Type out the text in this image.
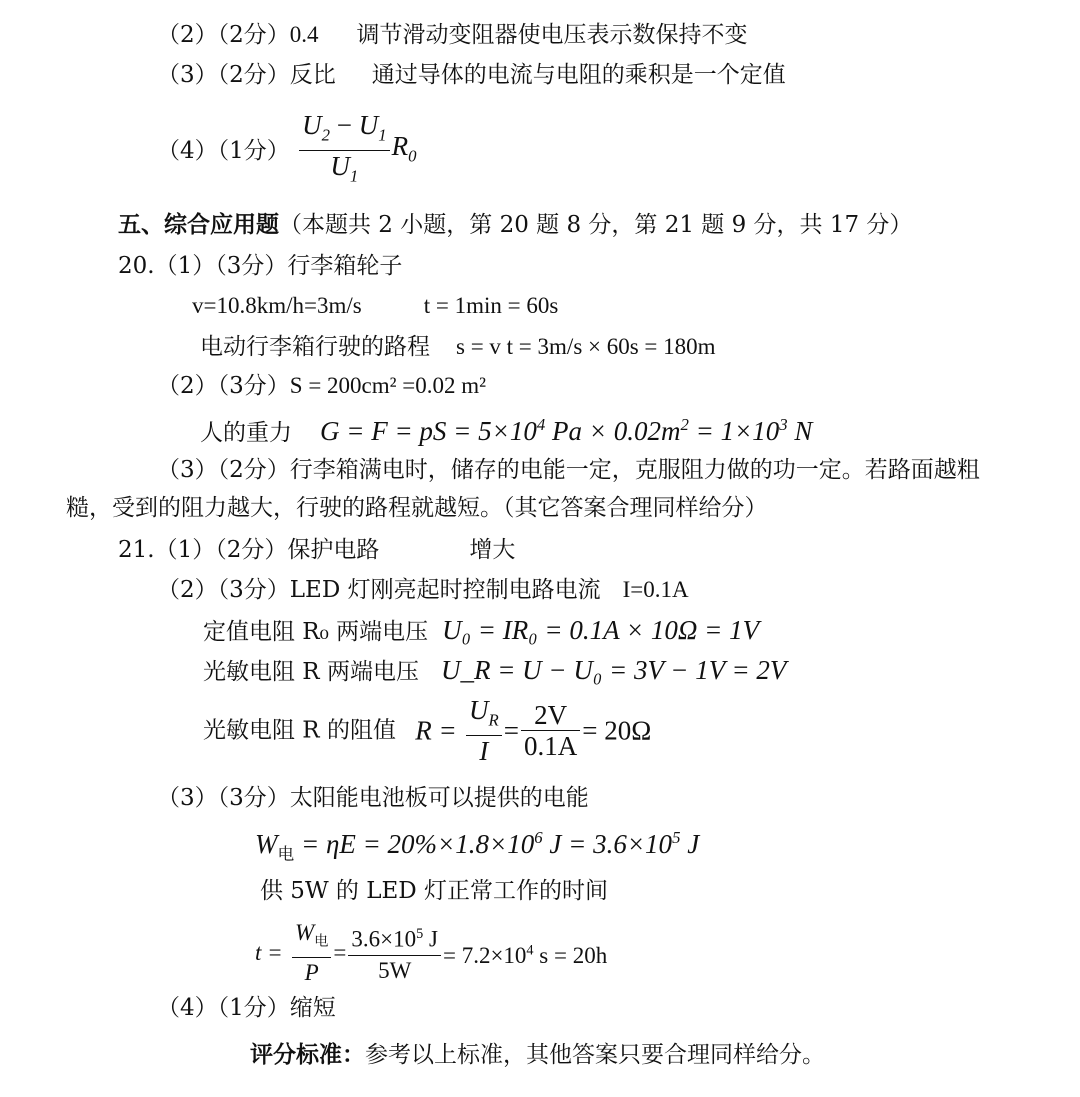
（2）（2分）0.4 调节滑动变阻器使电压表示数保持不变
（3）（2分）反比 通过导体的电流与电阻的乘积是一个定值
（4）（1分） $\frac{U_2 - U_1}{U_1} R_0$
五、综合应用题（本题共 2 小题，第 20 题 8 分，第 21 题 9 分，共 17 分）
20.（1）（3分）行李箱轮子
v=10.8km/h=3m/s	t = 1min = 60s
电动行李箱行驶的路程 s = v t = 3m/s × 60s = 180m
（2）（3分）S = 200cm² =0.02 m²
人的重力 G = F = pS = $5\times 10^4$ $Pa \times 0.02m^2 = 1\times 10^3$ N
（3）（2分）行李箱满电时，储存的电能一定，克服阻力做的功一定。若路面越粗
糙，受到的阻力越大，行驶的路程就越短。（其它答案合理同样给分）
21.（1）（2分）保护电路	增大
（2）（3分）LED 灯刚亮起时控制电路电流 I=0.1A
定值电阻 R₀ 两端电压 U₀ = IR₀ = 0.1A × 10Ω = 1V
光敏电阻 R 两端电压 U_R = U − U₀ = 3V − 1V = 2V
光敏电阻 R 的阻值 $R = \frac{U_R}{I} = \frac{2V}{0.1A} = 20\Omega$
（3）（3分）太阳能电池板可以提供的电能
$W_电 = \eta E = 20\%\times 1.8\times 10^6$ $J = 3.6\times 10^5$ J
供 5W 的 LED 灯正常工作的时间
$t = \frac{W_电}{P} = \frac{3.6\times 10^5 J}{5W} = 7.2\times 10^4$ s = 20h
（4）（1分）缩短
评分标准：参考以上标准，其他答案只要合理同样给分。
